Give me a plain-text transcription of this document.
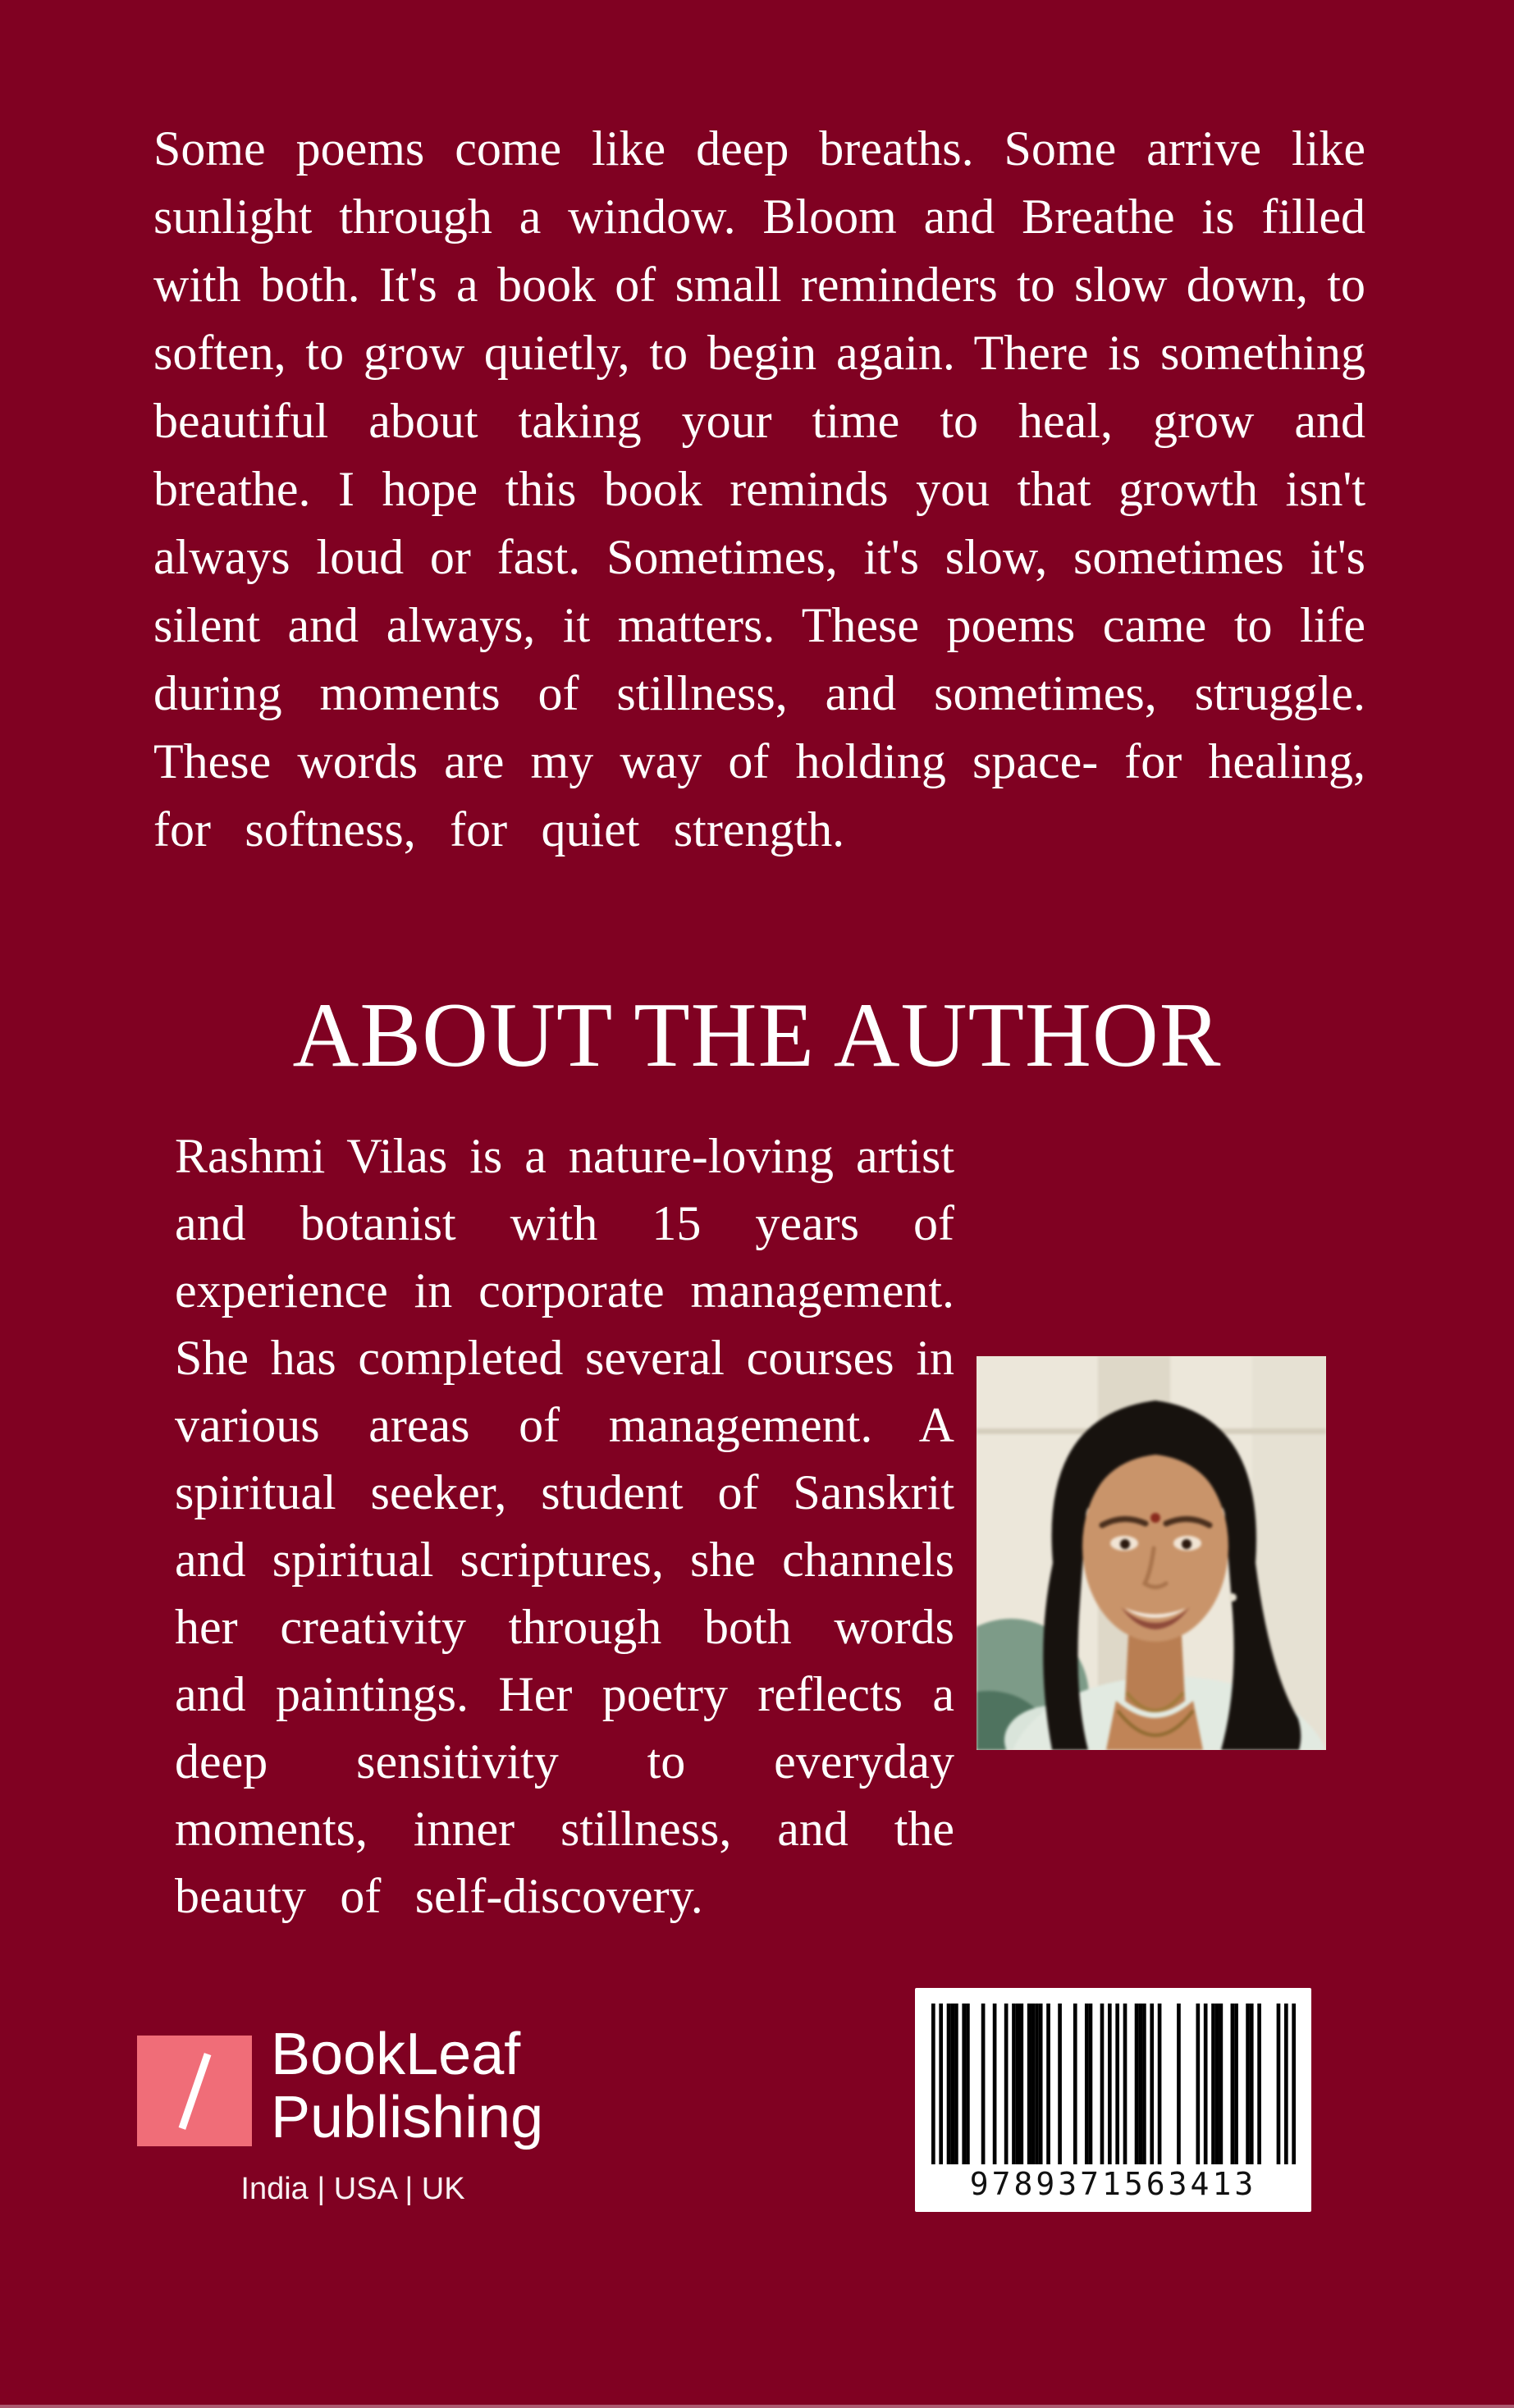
Some poems come like deep breaths. Some arrive like
sunlight through a window. Bloom and Breathe is filled
with both. It's a book of small reminders to slow down, to
soften, to grow quietly, to begin again. There is something
beautiful about taking your time to heal, grow and
breathe. I hope this book reminds you that growth isn't
always loud or fast. Sometimes, it's slow, sometimes it's
silent and always, it matters. These poems came to life
during moments of stillness, and sometimes, struggle.
These words are my way of holding space- for healing,
for softness, for quiet strength.
ABOUT THE AUTHOR
Rashmi Vilas is a nature-loving artist
and botanist with 15 years of
experience in corporate management.
She has completed several courses in
various areas of management. A
spiritual seeker, student of Sanskrit
and spiritual scriptures, she channels
her creativity through both words
and paintings. Her poetry reflects a
deep sensitivity to everyday
moments, inner stillness, and the
beauty of self-discovery.
BookLeaf
Publishing
India | USA | UK	9789371563413
